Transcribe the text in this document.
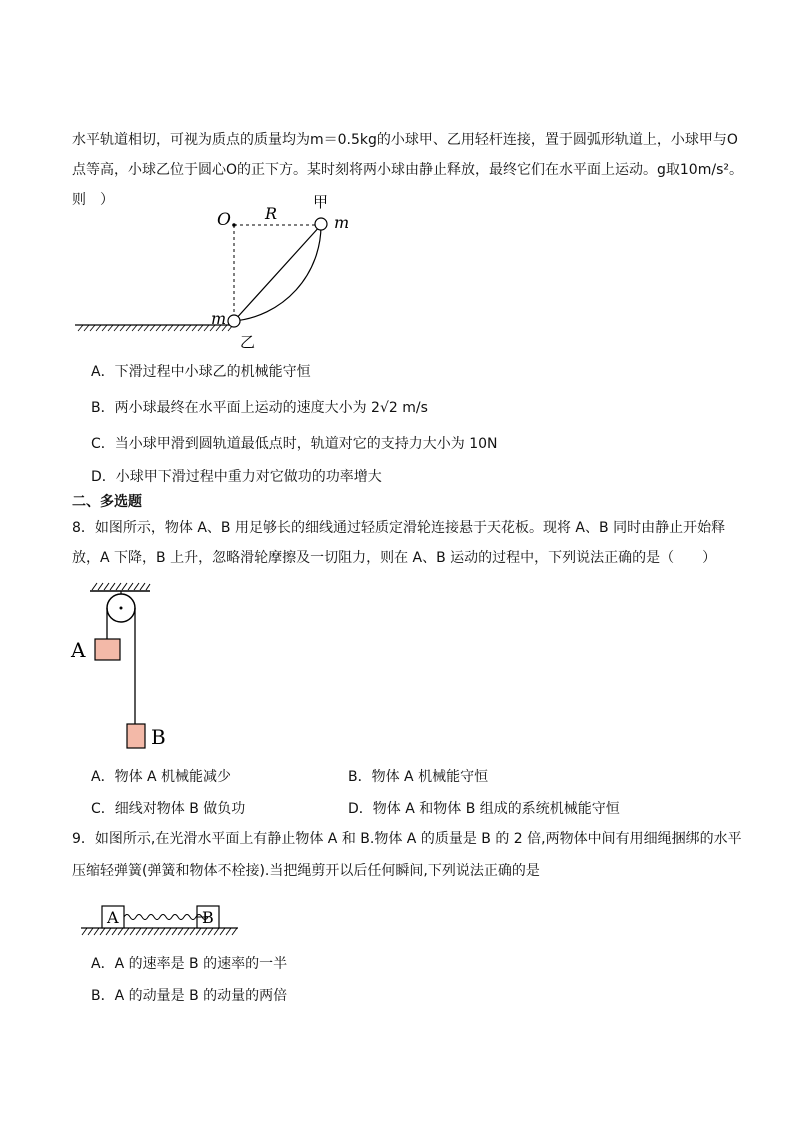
水平轨道相切，可视为质点的质量均为m＝0.5kg的小球甲、乙用轻杆连接，置于圆弧形轨道上，小球甲与O
点等高，小球乙位于圆心O的正下方。某时刻将两小球由静止释放，最终它们在水平面上运动。g取10m/s²。
则　）
O R
甲
m
m
乙
A．下滑过程中小球乙的机械能守恒
B．两小球最终在水平面上运动的速度大小为 2√2 m/s
C．当小球甲滑到圆轨道最低点时，轨道对它的支持力大小为 10N
D．小球甲下滑过程中重力对它做功的功率增大
二、多选题
8．如图所示，物体 A、B 用足够长的细线通过轻质定滑轮连接悬于天花板。现将 A、B 同时由静止开始释
放，A 下降，B 上升，忽略滑轮摩擦及一切阻力，则在 A、B 运动的过程中，下列说法正确的是（　　）
A
B
A．物体 A 机械能减少	B．物体 A 机械能守恒
C．细线对物体 B 做负功	D．物体 A 和物体 B 组成的系统机械能守恒
9．如图所示,在光滑水平面上有静止物体 A 和 B.物体 A 的质量是 B 的 2 倍,两物体中间有用细绳捆绑的水平
压缩轻弹簧(弹簧和物体不栓接).当把绳剪开以后任何瞬间,下列说法正确的是
A	B
A．A 的速率是 B 的速率的一半
B．A 的动量是 B 的动量的两倍
